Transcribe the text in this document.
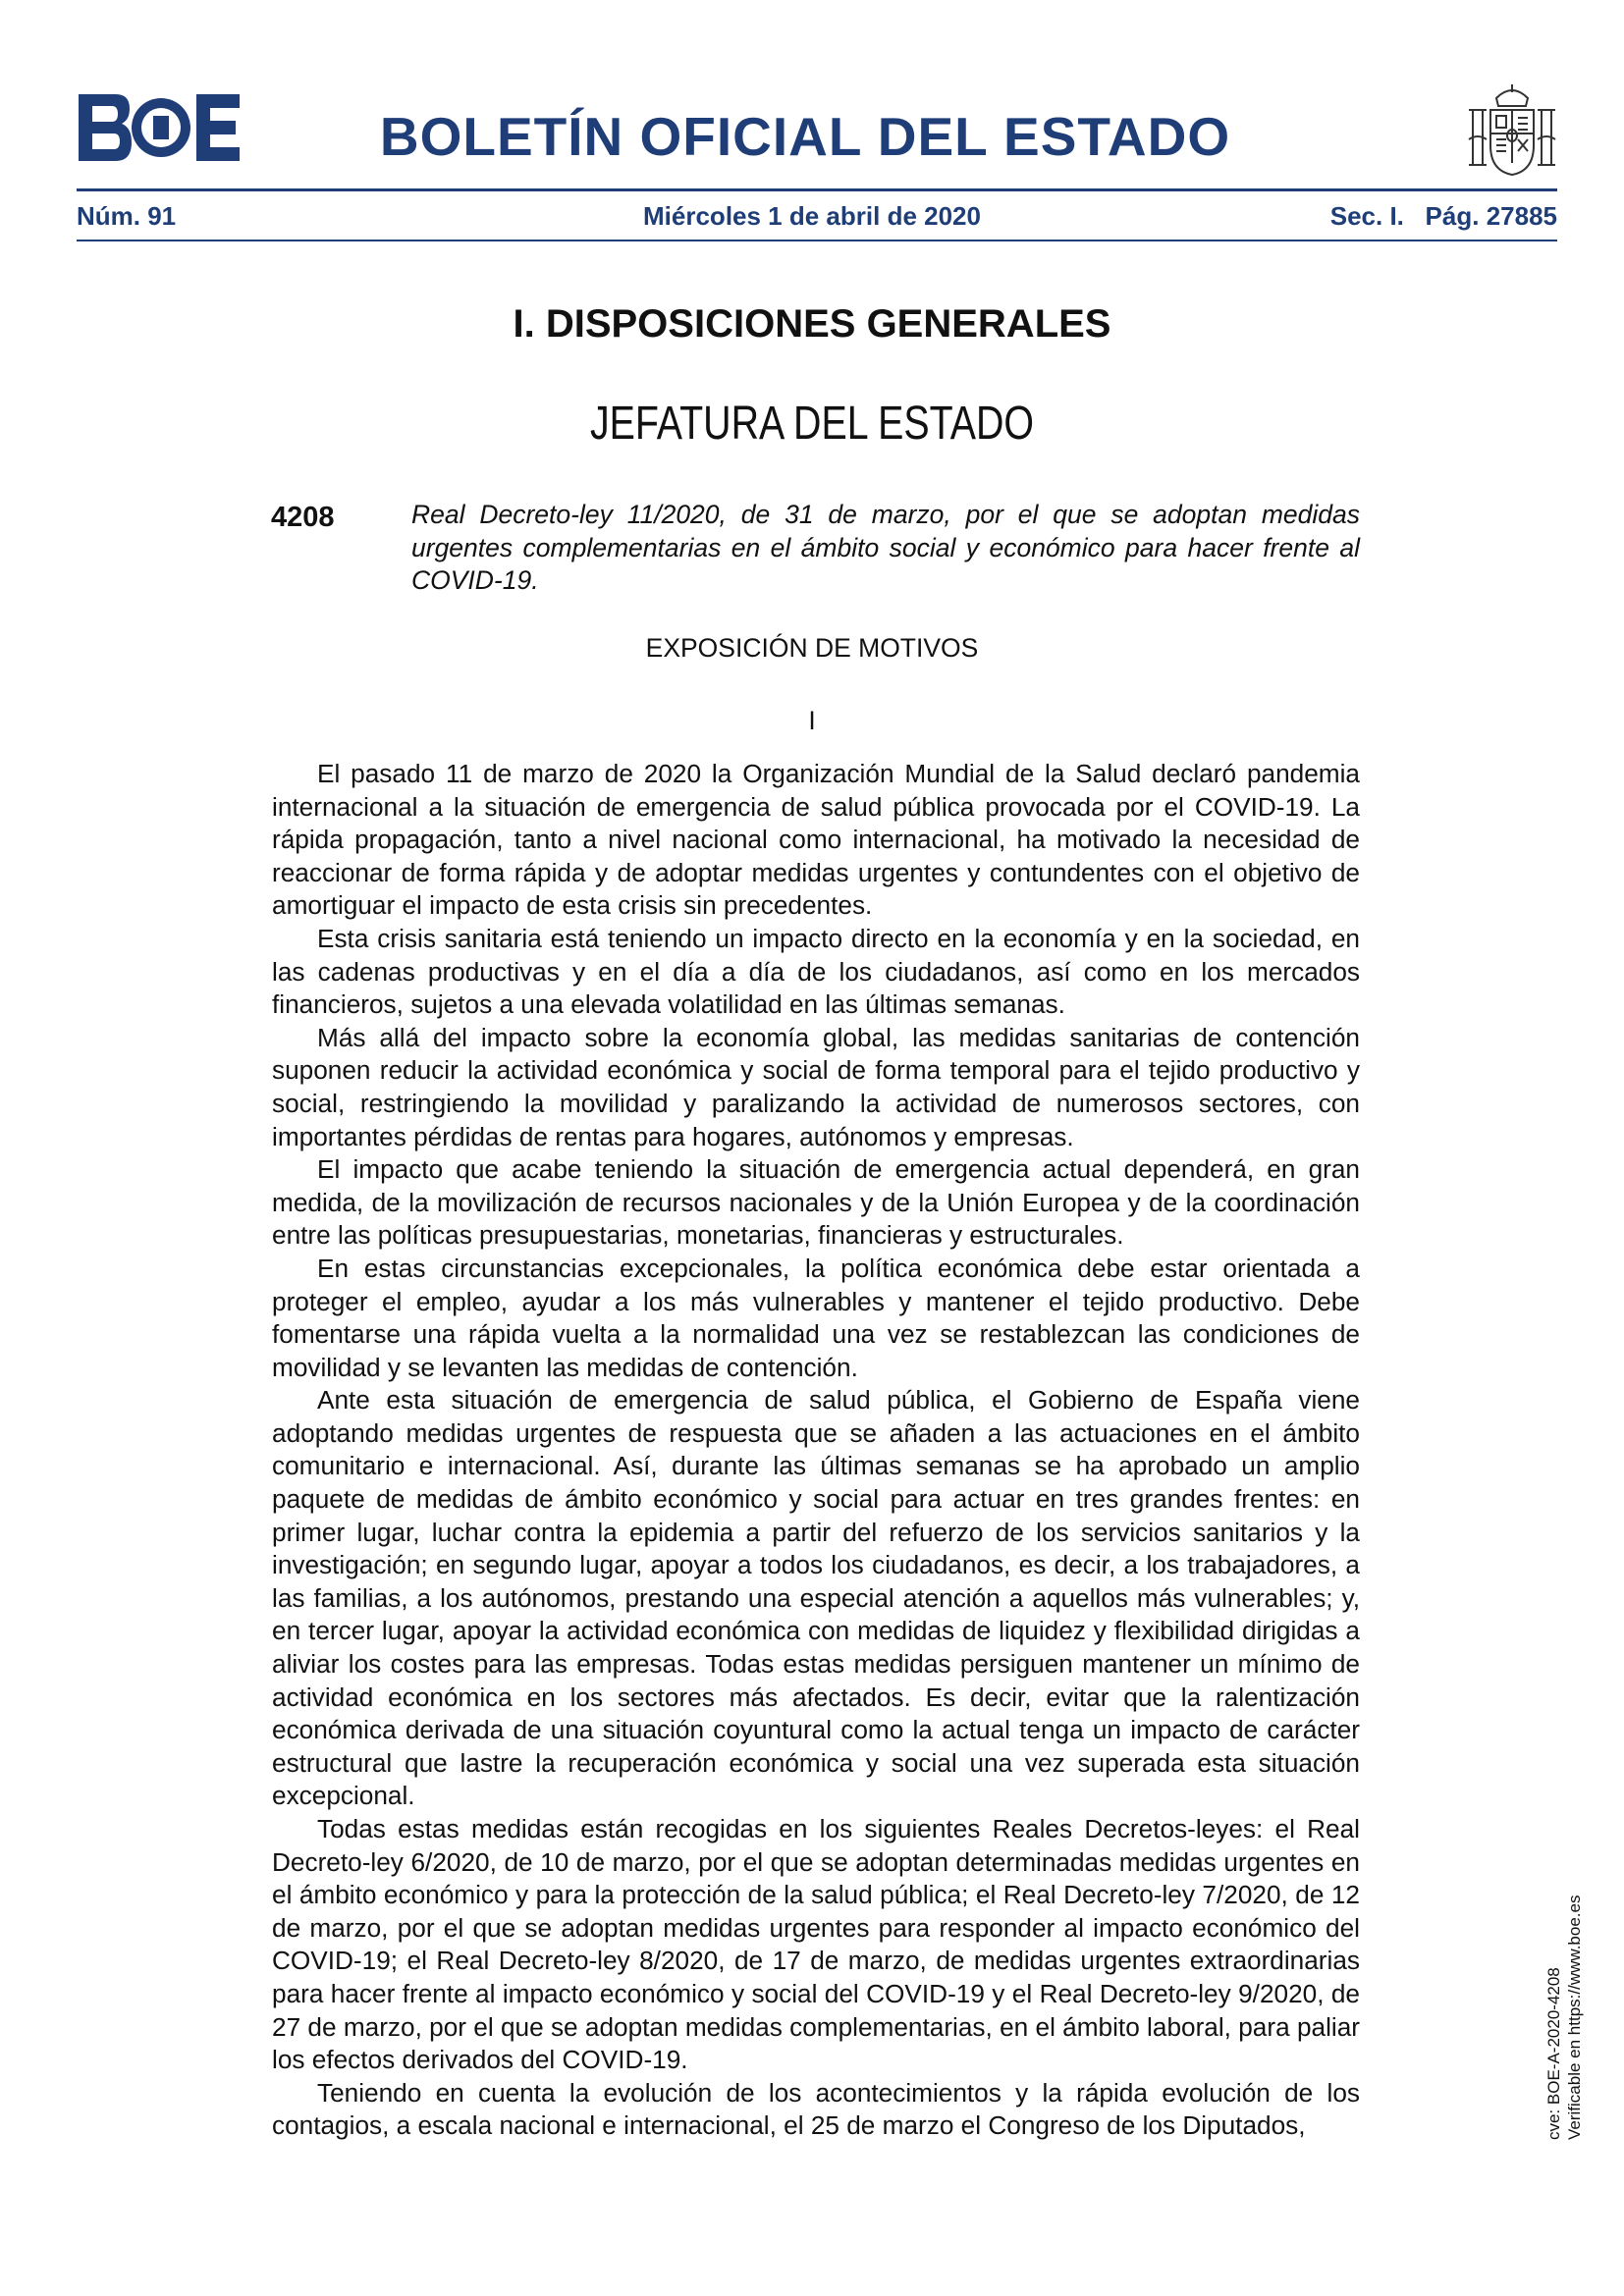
BOLETÍN OFICIAL DEL ESTADO
Núm. 91	Miércoles 1 de abril de 2020	Sec. I.   Pág. 27885
I. DISPOSICIONES GENERALES
JEFATURA DEL ESTADO
4208	Real Decreto-ley 11/2020, de 31 de marzo, por el que se adoptan medidas urgentes complementarias en el ámbito social y económico para hacer frente al COVID-19.
EXPOSICIÓN DE MOTIVOS
I

El pasado 11 de marzo de 2020 la Organización Mundial de la Salud declaró pandemia internacional a la situación de emergencia de salud pública provocada por el COVID-19. La rápida propagación, tanto a nivel nacional como internacional, ha motivado la necesidad de reaccionar de forma rápida y de adoptar medidas urgentes y contundentes con el objetivo de amortiguar el impacto de esta crisis sin precedentes.

Esta crisis sanitaria está teniendo un impacto directo en la economía y en la sociedad, en las cadenas productivas y en el día a día de los ciudadanos, así como en los mercados financieros, sujetos a una elevada volatilidad en las últimas semanas.

Más allá del impacto sobre la economía global, las medidas sanitarias de contención suponen reducir la actividad económica y social de forma temporal para el tejido productivo y social, restringiendo la movilidad y paralizando la actividad de numerosos sectores, con importantes pérdidas de rentas para hogares, autónomos y empresas.

El impacto que acabe teniendo la situación de emergencia actual dependerá, en gran medida, de la movilización de recursos nacionales y de la Unión Europea y de la coordinación entre las políticas presupuestarias, monetarias, financieras y estructurales.

En estas circunstancias excepcionales, la política económica debe estar orientada a proteger el empleo, ayudar a los más vulnerables y mantener el tejido productivo. Debe fomentarse una rápida vuelta a la normalidad una vez se restablezcan las condiciones de movilidad y se levanten las medidas de contención.

Ante esta situación de emergencia de salud pública, el Gobierno de España viene adoptando medidas urgentes de respuesta que se añaden a las actuaciones en el ámbito comunitario e internacional. Así, durante las últimas semanas se ha aprobado un amplio paquete de medidas de ámbito económico y social para actuar en tres grandes frentes: en primer lugar, luchar contra la epidemia a partir del refuerzo de los servicios sanitarios y la investigación; en segundo lugar, apoyar a todos los ciudadanos, es decir, a los trabajadores, a las familias, a los autónomos, prestando una especial atención a aquellos más vulnerables; y, en tercer lugar, apoyar la actividad económica con medidas de liquidez y flexibilidad dirigidas a aliviar los costes para las empresas. Todas estas medidas persiguen mantener un mínimo de actividad económica en los sectores más afectados. Es decir, evitar que la ralentización económica derivada de una situación coyuntural como la actual tenga un impacto de carácter estructural que lastre la recuperación económica y social una vez superada esta situación excepcional.

Todas estas medidas están recogidas en los siguientes Reales Decretos-leyes: el Real Decreto-ley 6/2020, de 10 de marzo, por el que se adoptan determinadas medidas urgentes en el ámbito económico y para la protección de la salud pública; el Real Decreto-ley 7/2020, de 12 de marzo, por el que se adoptan medidas urgentes para responder al impacto económico del COVID-19; el Real Decreto-ley 8/2020, de 17 de marzo, de medidas urgentes extraordinarias para hacer frente al impacto económico y social del COVID-19 y el Real Decreto-ley 9/2020, de 27 de marzo, por el que se adoptan medidas complementarias, en el ámbito laboral, para paliar los efectos derivados del COVID-19.

Teniendo en cuenta la evolución de los acontecimientos y la rápida evolución de los contagios, a escala nacional e internacional, el 25 de marzo el Congreso de los Diputados,	cve: BOE-A-2020-4208 Verificable en https://www.boe.es
